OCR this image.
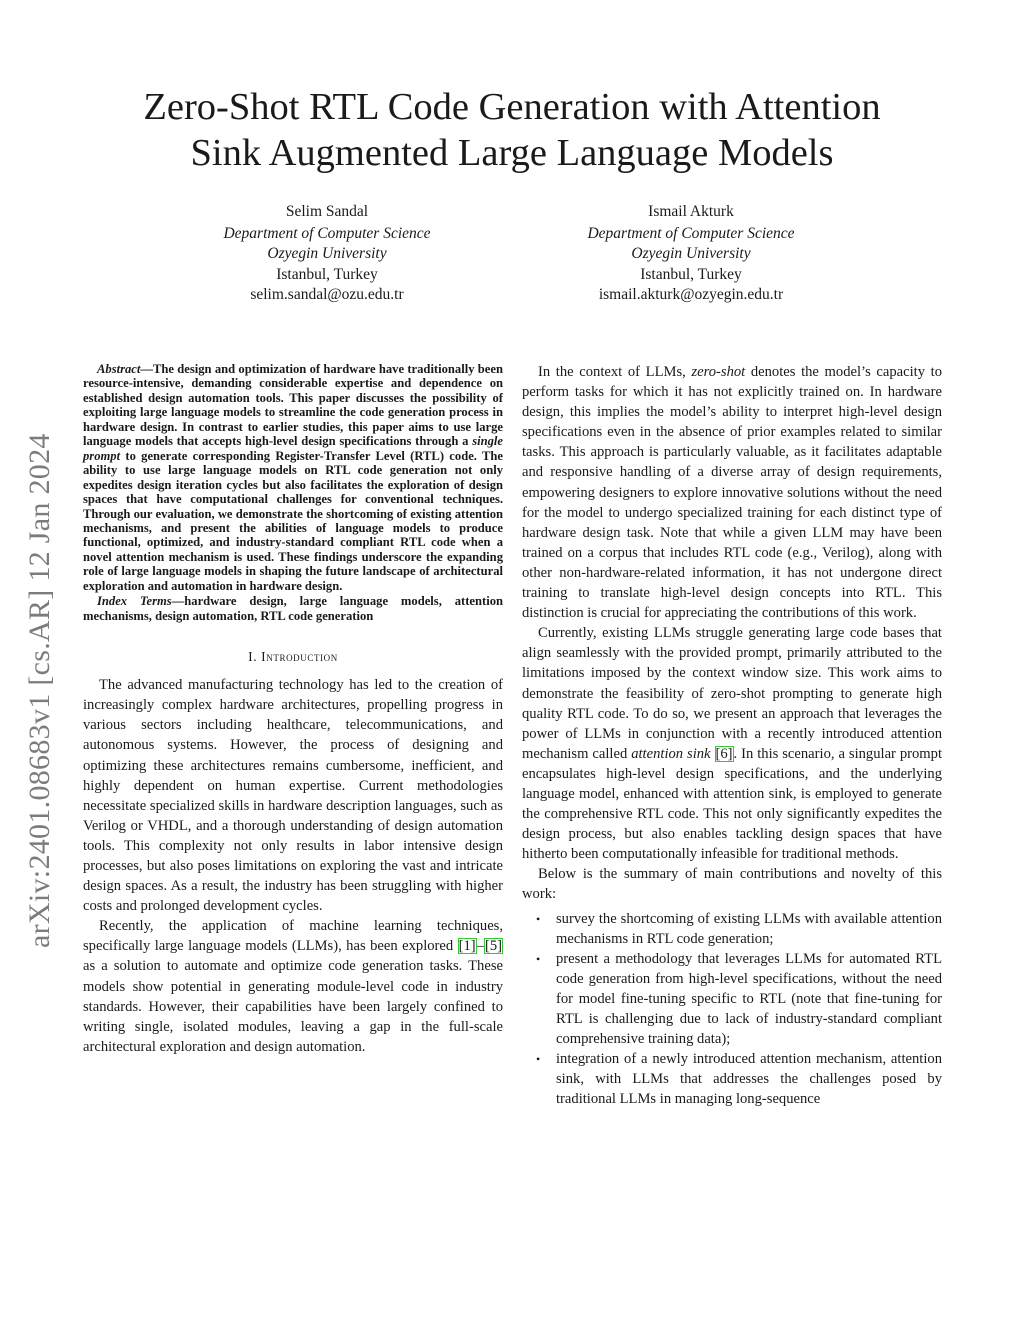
arXiv:2401.08683v1 [cs.AR] 12 Jan 2024
Zero-Shot RTL Code Generation with Attention
Sink Augmented Large Language Models
Selim Sandal
Department of Computer Science
Ozyegin University
Istanbul, Turkey
selim.sandal@ozu.edu.tr
Ismail Akturk
Department of Computer Science
Ozyegin University
Istanbul, Turkey
ismail.akturk@ozyegin.edu.tr

Abstract—The design and optimization of hardware have traditionally been resource-intensive, demanding considerable expertise and dependence on established design automation tools. This paper discusses the possibility of exploiting large language models to streamline the code generation process in hardware design. In contrast to earlier studies, this paper aims to use large language models that accepts high-level design specifications through a single prompt to generate corresponding Register-Transfer Level (RTL) code. The ability to use large language models on RTL code generation not only expedites design iteration cycles but also facilitates the exploration of design spaces that have computational challenges for conventional techniques. Through our evaluation, we demonstrate the shortcoming of existing attention mechanisms, and present the abilities of language models to produce functional, optimized, and industry-standard compliant RTL code when a novel attention mechanism is used. These findings underscore the expanding role of large language models in shaping the future landscape of architectural exploration and automation in hardware design.

Index Terms—hardware design, large language models, attention mechanisms, design automation, RTL code generation

I. Introduction

The advanced manufacturing technology has led to the creation of increasingly complex hardware architectures, propelling progress in various sectors including healthcare, telecommunications, and autonomous systems. However, the process of designing and optimizing these architectures remains cumbersome, inefficient, and highly dependent on human expertise. Current methodologies necessitate specialized skills in hardware description languages, such as Verilog or VHDL, and a thorough understanding of design automation tools. This complexity not only results in labor intensive design processes, but also poses limitations on exploring the vast and intricate design spaces. As a result, the industry has been struggling with higher costs and prolonged development cycles.

Recently, the application of machine learning techniques, specifically large language models (LLMs), has been explored [1]–[5] as a solution to automate and optimize code generation tasks. These models show potential in generating module-level code in industry standards. However, their capabilities have been largely confined to writing single, isolated modules, leaving a gap in the full-scale architectural exploration and design automation.

In the context of LLMs, zero-shot denotes the model’s capacity to perform tasks for which it has not explicitly trained on. In hardware design, this implies the model’s ability to interpret high-level design specifications even in the absence of prior examples related to similar tasks. This approach is particularly valuable, as it facilitates adaptable and responsive handling of a diverse array of design requirements, empowering designers to explore innovative solutions without the need for the model to undergo specialized training for each distinct type of hardware design task. Note that while a given LLM may have been trained on a corpus that includes RTL code (e.g., Verilog), along with other non-hardware-related information, it has not undergone direct training to translate high-level design concepts into RTL. This distinction is crucial for appreciating the contributions of this work.

Currently, existing LLMs struggle generating large code bases that align seamlessly with the provided prompt, primarily attributed to the limitations imposed by the context window size. This work aims to demonstrate the feasibility of zero-shot prompting to generate high quality RTL code. To do so, we present an approach that leverages the power of LLMs in conjunction with a recently introduced attention mechanism called attention sink [6]. In this scenario, a singular prompt encapsulates high-level design specifications, and the underlying language model, enhanced with attention sink, is employed to generate the comprehensive RTL code. This not only significantly expedites the design process, but also enables tackling design spaces that have hitherto been computationally infeasible for traditional methods.

Below is the summary of main contributions and novelty of this work:

• survey the shortcoming of existing LLMs with available attention mechanisms in RTL code generation;
• present a methodology that leverages LLMs for automated RTL code generation from high-level specifications, without the need for model fine-tuning specific to RTL (note that fine-tuning for RTL is challenging due to lack of industry-standard compliant comprehensive training data);
• integration of a newly introduced attention mechanism, attention sink, with LLMs that addresses the challenges posed by traditional LLMs in managing long-sequence
